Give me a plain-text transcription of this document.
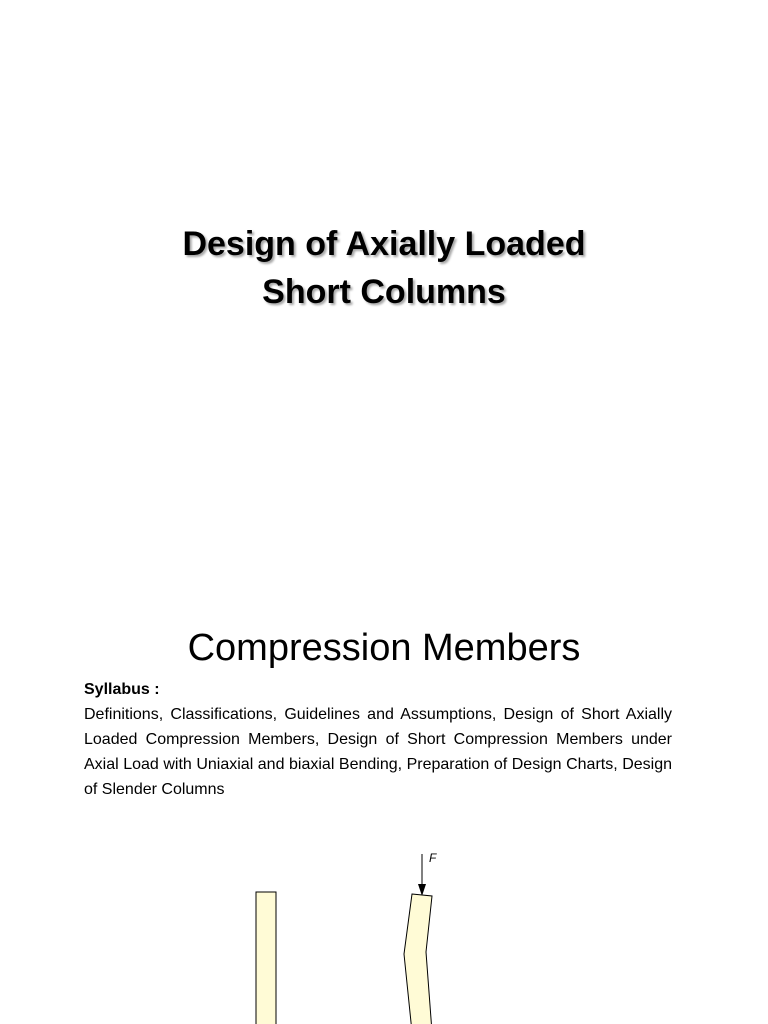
Design of Axially Loaded
Short Columns
Compression Members
Syllabus :

Definitions, Classifications, Guidelines and Assumptions, Design of Short Axially Loaded Compression Members, Design of Short Compression Members under Axial Load with Uniaxial and biaxial Bending, Preparation of Design Charts, Design of Slender Columns

F
